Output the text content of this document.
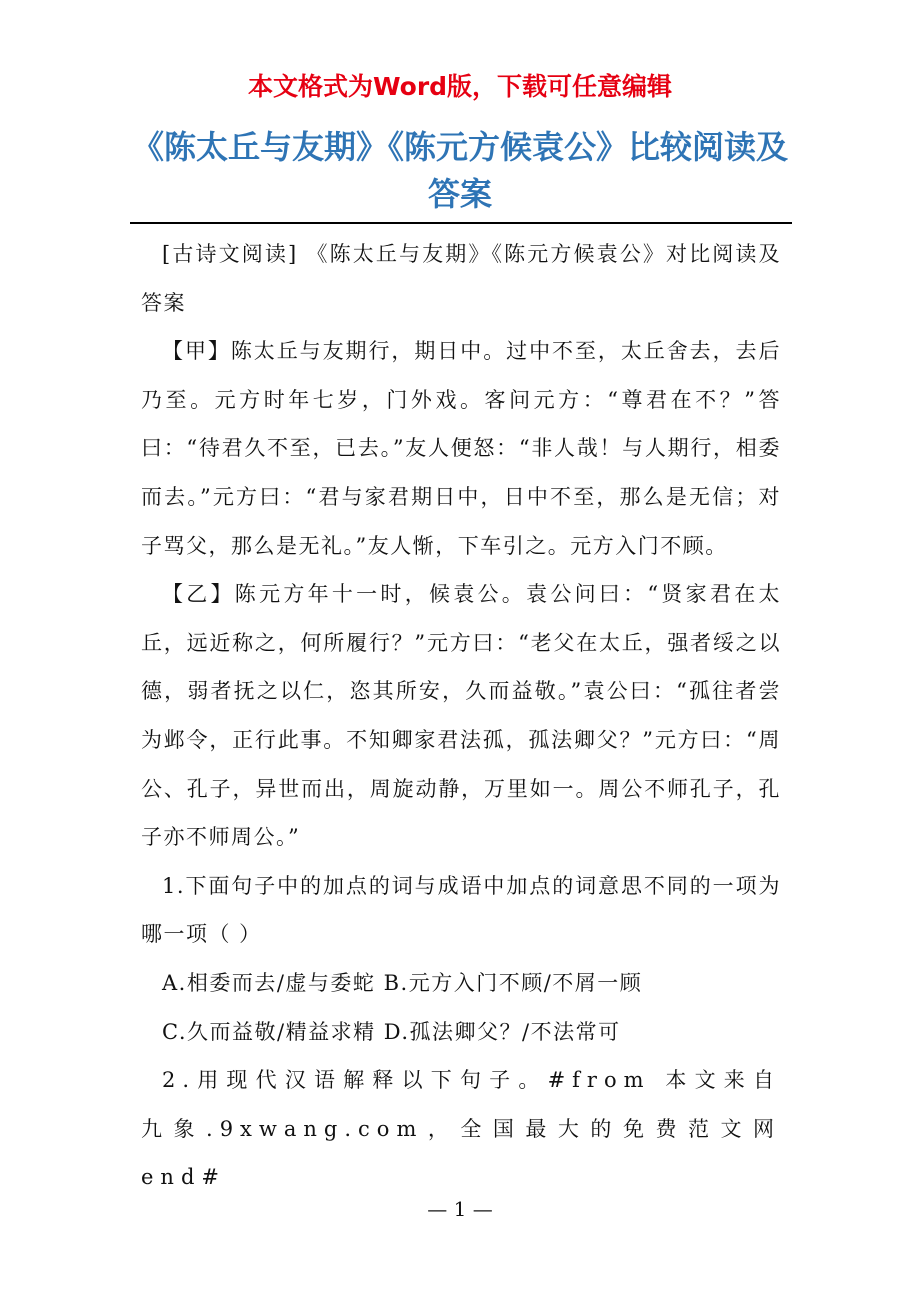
本文格式为Word版，下载可任意编辑
《陈太丘与友期》《陈元方候袁公》比较阅读及答案

[古诗文阅读] 《陈太丘与友期》《陈元方候袁公》对比阅读及答案

【甲】陈太丘与友期行，期日中。过中不至，太丘舍去，去后乃至。元方时年七岁，门外戏。客问元方：“尊君在不？”答曰：“待君久不至，已去。”友人便怒：“非人哉！与人期行，相委而去。”元方曰：“君与家君期日中，日中不至，那么是无信；对子骂父，那么是无礼。”友人惭，下车引之。元方入门不顾。

【乙】陈元方年十一时，候袁公。袁公问曰：“贤家君在太丘，远近称之，何所履行？”元方曰：“老父在太丘，强者绥之以德，弱者抚之以仁，恣其所安，久而益敬。”袁公曰：“孤往者尝为邺令，正行此事。不知卿家君法孤，孤法卿父？”元方曰：“周公、孔子，异世而出，周旋动静，万里如一。周公不师孔子，孔子亦不师周公。”

1.下面句子中的加点的词与成语中加点的词意思不同的一项为哪一项（ ）

A.相委而去/虚与委蛇 B.元方入门不顾/不屑一顾

C.久而益敬/精益求精 D.孤法卿父？/不法常可

2.用现代汉语解释以下句子。#from 本文来自九象.9xwang.com，全国最大的免费范文网 end#

— 1 —
